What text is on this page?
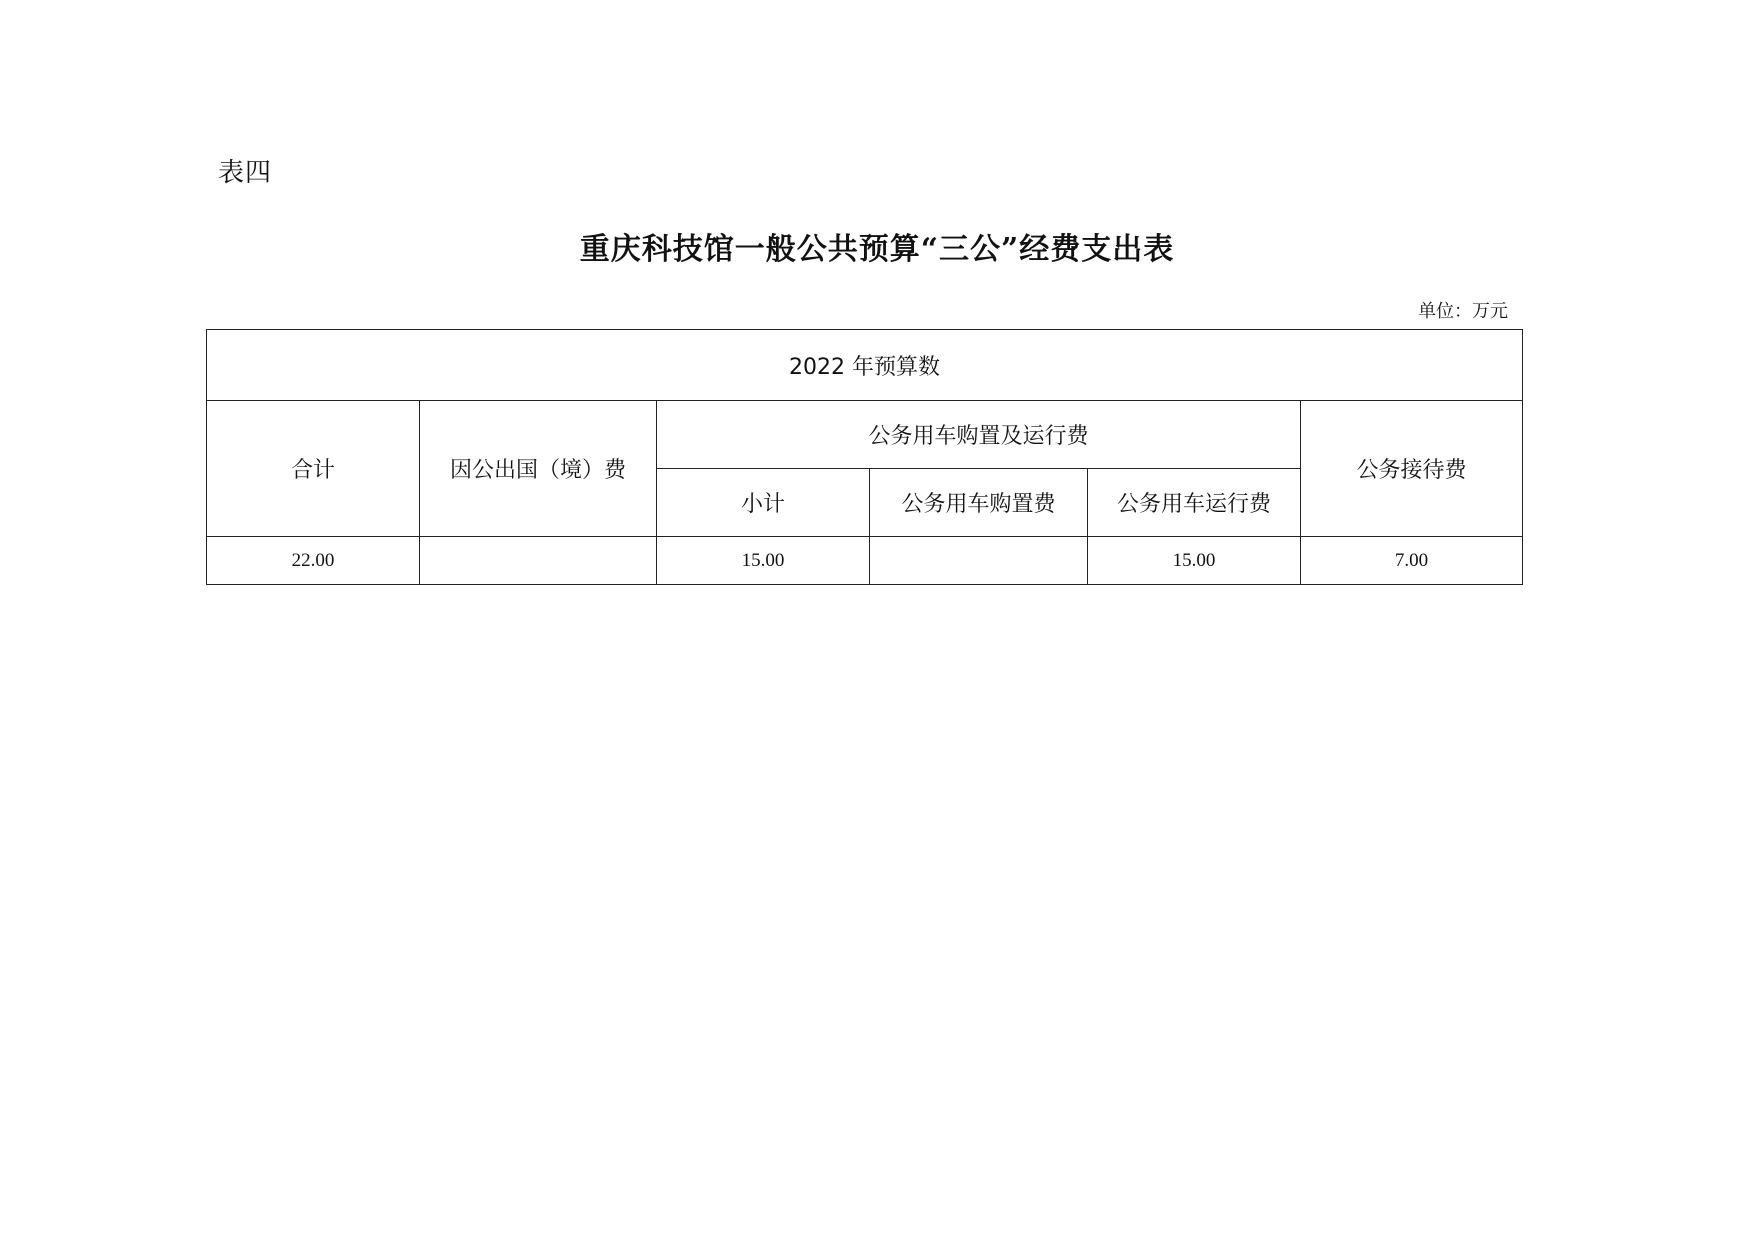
表四
重庆科技馆一般公共预算“三公”经费支出表
单位：万元
2022 年预算数					
合计	因公出国（境）费	公务用车购置及运行费			公务接待费
		小计	公务用车购置费	公务用车运行费	
22.00		15.00		15.00	7.00
